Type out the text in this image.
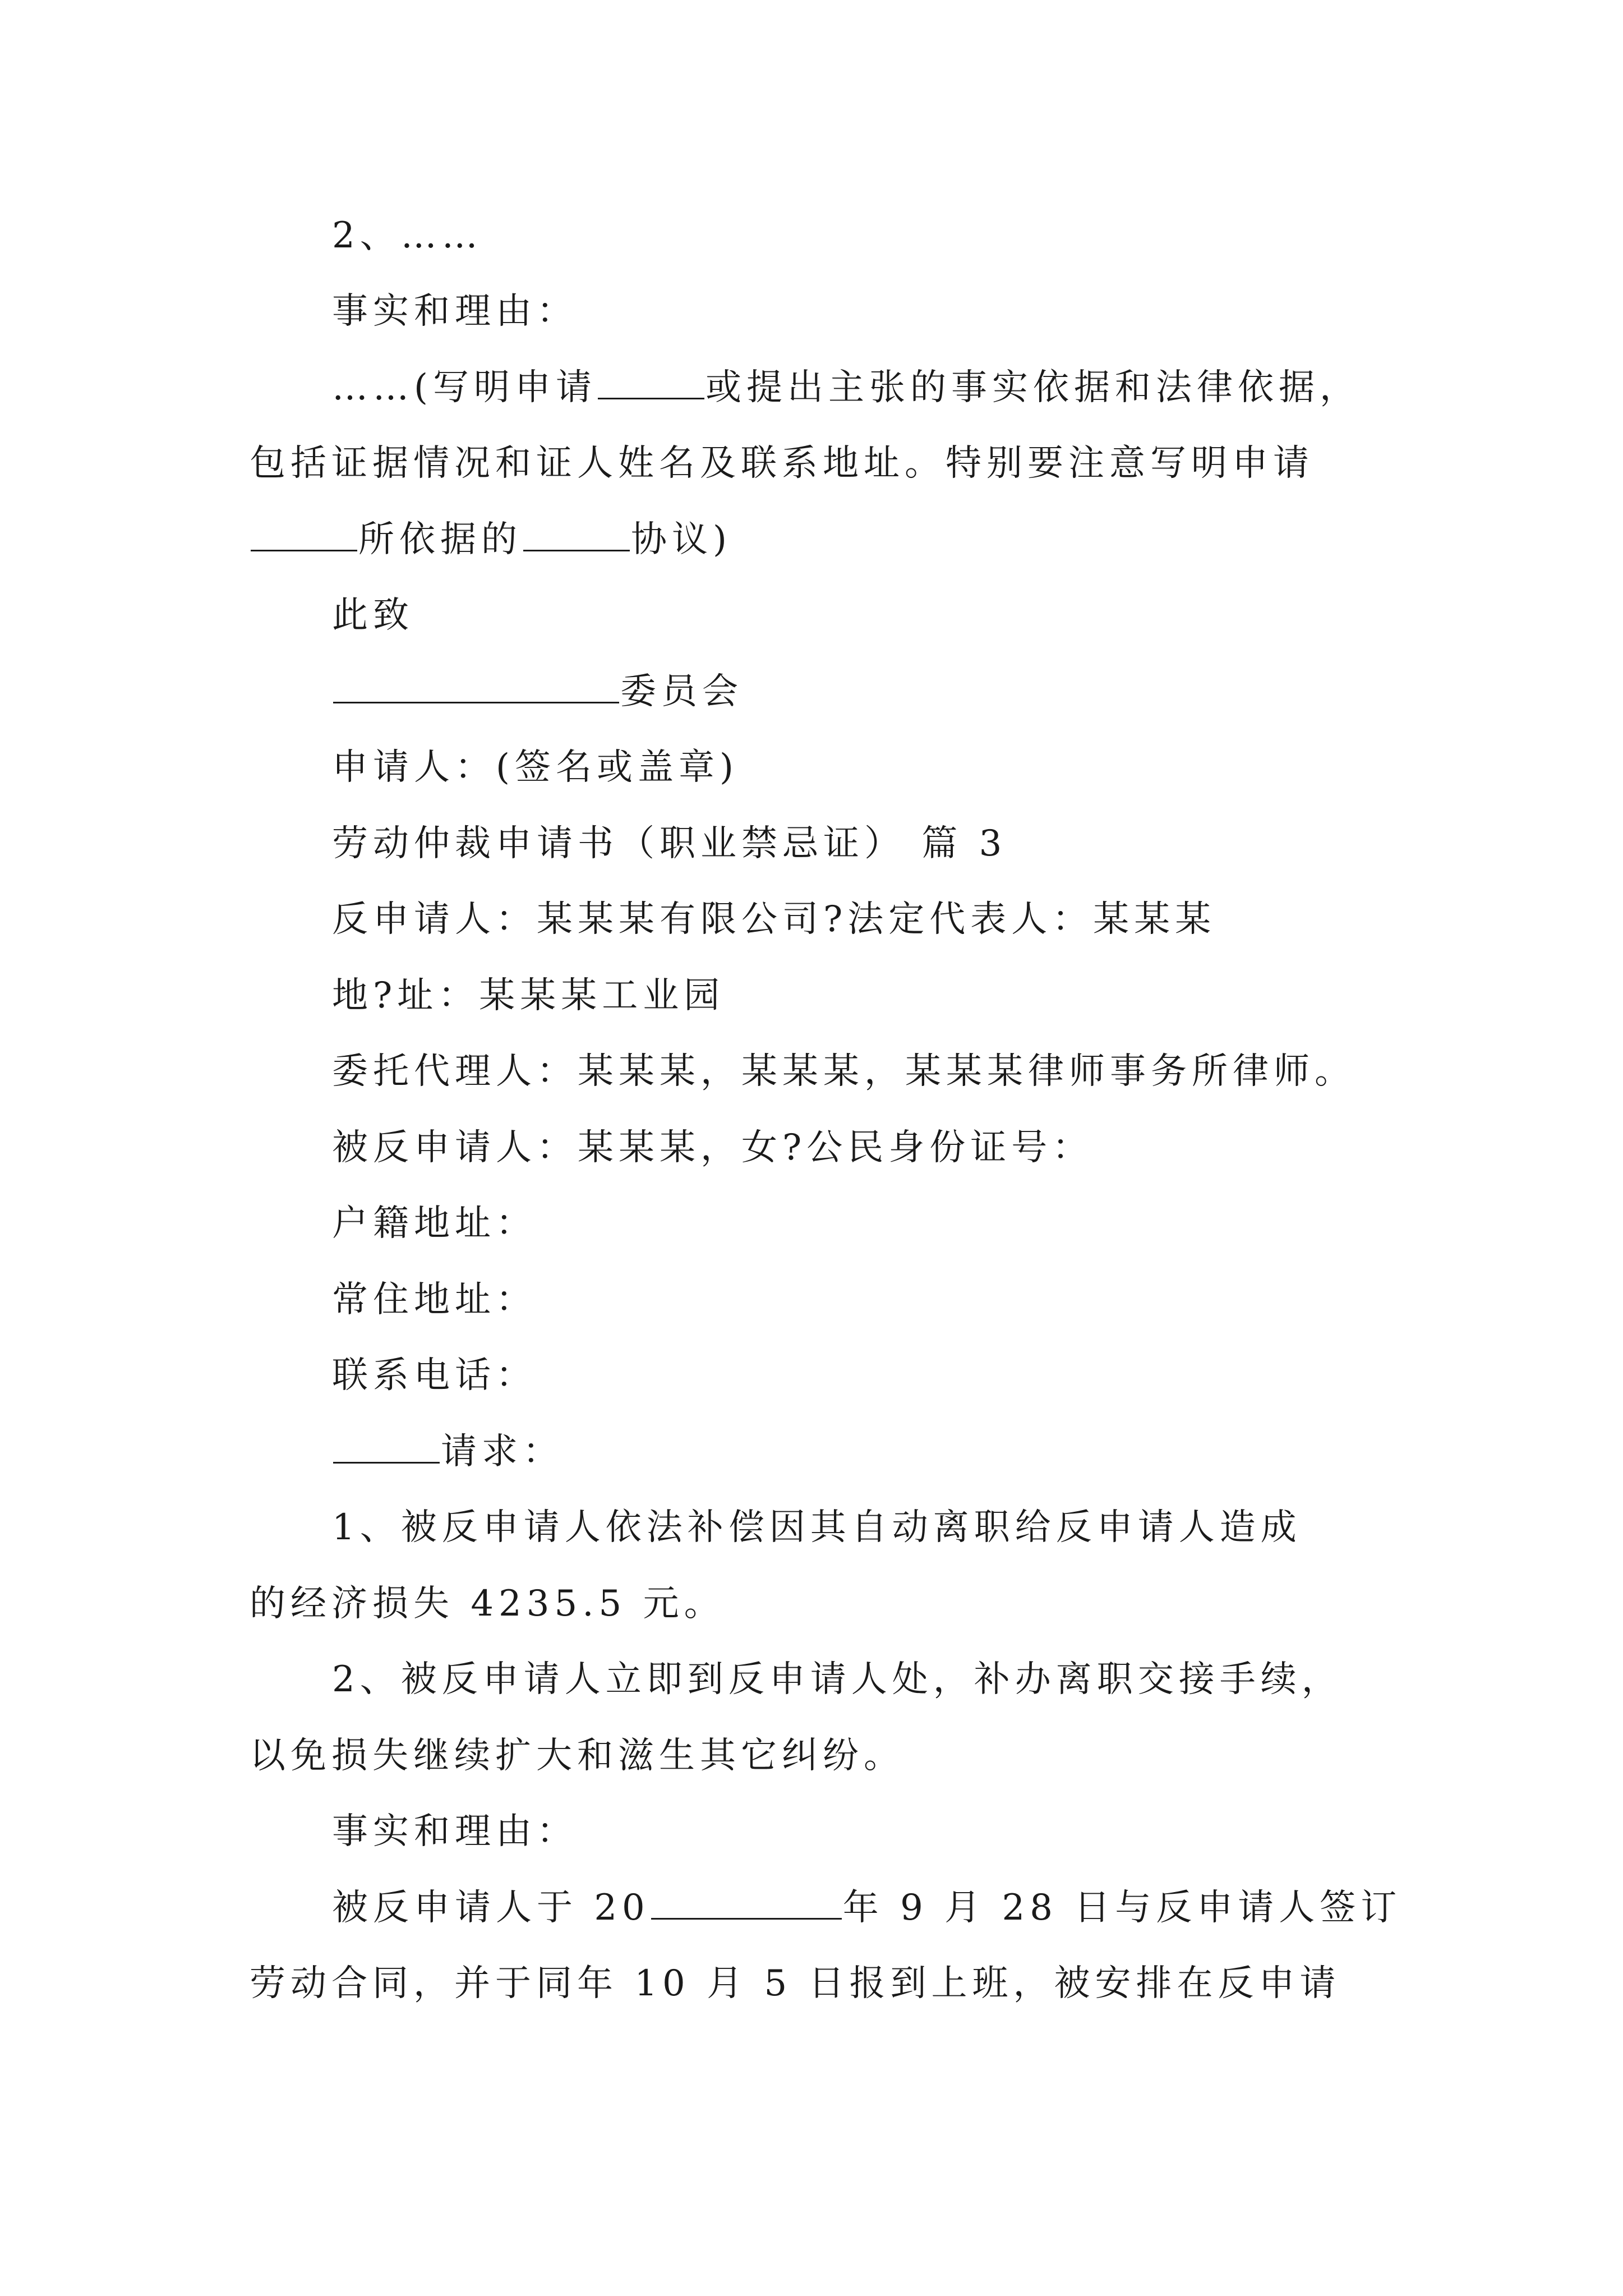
2、……
事实和理由：
……(写明申请	或提出主张的事实依据和法律依据，
包括证据情况和证人姓名及联系地址。特别要注意写明申请
所依据的	协议)
此致
委员会
申请人：(签名或盖章)
劳动仲裁申请书（职业禁忌证） 篇 3
反申请人：某某某有限公司?法定代表人：某某某
地?址：某某某工业园
委托代理人：某某某，某某某，某某某律师事务所律师。
被反申请人：某某某，女?公民身份证号：
户籍地址：
常住地址：
联系电话：
请求：
1、被反申请人依法补偿因其自动离职给反申请人造成
的经济损失 4235.5 元。
2、被反申请人立即到反申请人处，补办离职交接手续，
以免损失继续扩大和滋生其它纠纷。
事实和理由：
被反申请人于 20	年 9 月 28 日与反申请人签订
劳动合同，并于同年 10 月 5 日报到上班，被安排在反申请
